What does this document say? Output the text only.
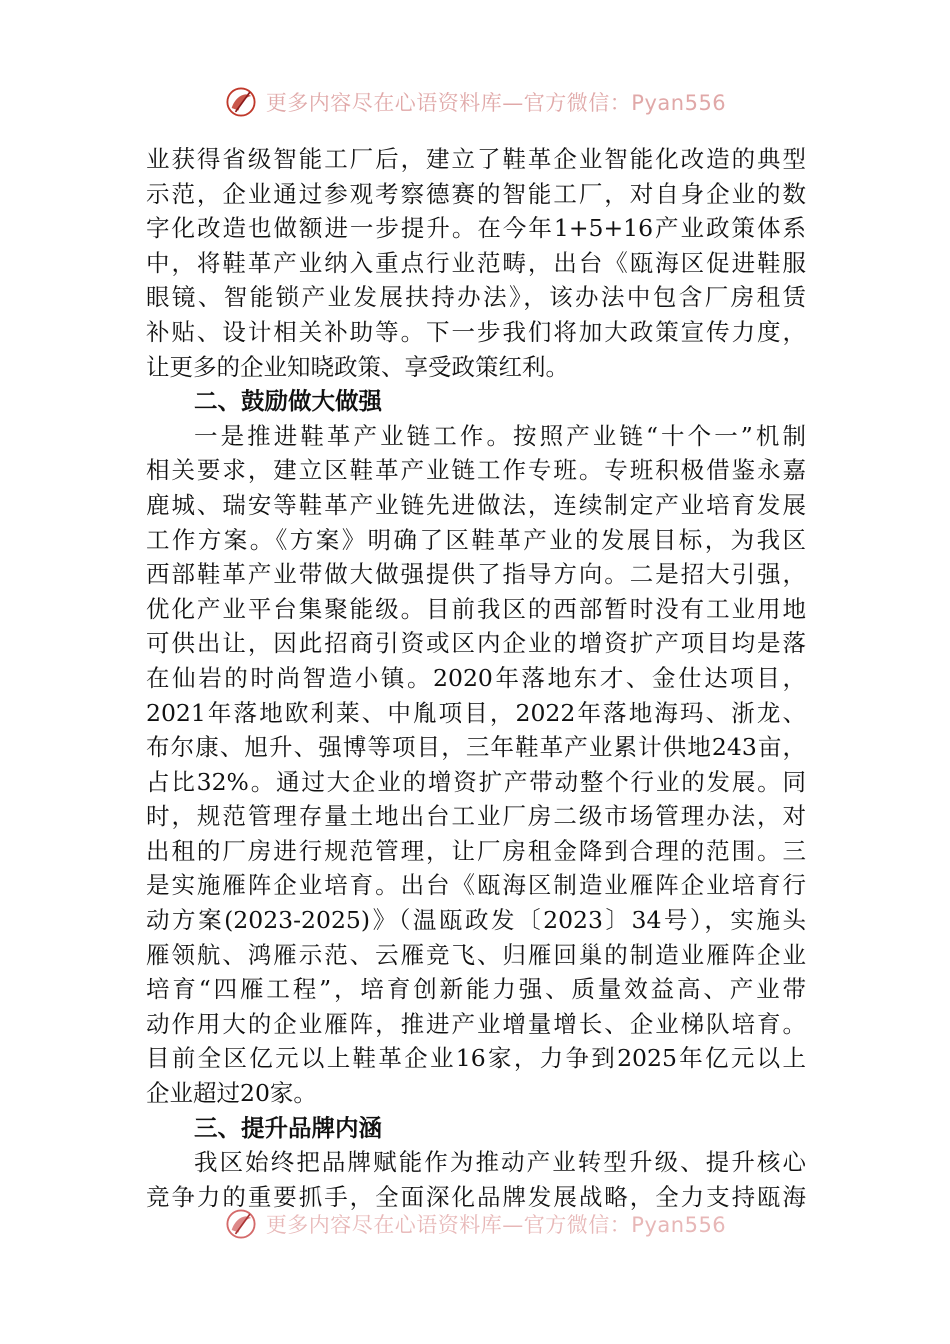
更多内容尽在心语资料库—官方微信：Pyan556
业获得省级智能工厂后，建立了鞋革企业智能化改造的典型
示范，企业通过参观考察德赛的智能工厂，对自身企业的数
字化改造也做额进一步提升。在今年1+5+16产业政策体系
中，将鞋革产业纳入重点行业范畴，出台《瓯海区促进鞋服
眼镜、智能锁产业发展扶持办法》，该办法中包含厂房租赁
补贴、设计相关补助等。下一步我们将加大政策宣传力度，
让更多的企业知晓政策、享受政策红利。
二、鼓励做大做强
一是推进鞋革产业链工作。按照产业链“十个一”机制
相关要求，建立区鞋革产业链工作专班。专班积极借鉴永嘉
鹿城、瑞安等鞋革产业链先进做法，连续制定产业培育发展
工作方案。《方案》明确了区鞋革产业的发展目标，为我区
西部鞋革产业带做大做强提供了指导方向。二是招大引强，
优化产业平台集聚能级。目前我区的西部暂时没有工业用地
可供出让，因此招商引资或区内企业的增资扩产项目均是落
在仙岩的时尚智造小镇。2020年落地东才、金仕达项目，
2021年落地欧利莱、中胤项目，2022年落地海玛、浙龙、
布尔康、旭升、强博等项目，三年鞋革产业累计供地243亩，
占比32%。通过大企业的增资扩产带动整个行业的发展。同
时，规范管理存量土地出台工业厂房二级市场管理办法，对
出租的厂房进行规范管理，让厂房租金降到合理的范围。三
是实施雁阵企业培育。出台《瓯海区制造业雁阵企业培育行
动方案(2023-2025)》（温瓯政发〔2023〕34号），实施头
雁领航、鸿雁示范、云雁竞飞、归雁回巢的制造业雁阵企业
培育“四雁工程”，培育创新能力强、质量效益高、产业带
动作用大的企业雁阵，推进产业增量增长、企业梯队培育。
目前全区亿元以上鞋革企业16家，力争到2025年亿元以上
企业超过20家。
三、提升品牌内涵
我区始终把品牌赋能作为推动产业转型升级、提升核心
竞争力的重要抓手，全面深化品牌发展战略，全力支持瓯海
更多内容尽在心语资料库—官方微信：Pyan556
